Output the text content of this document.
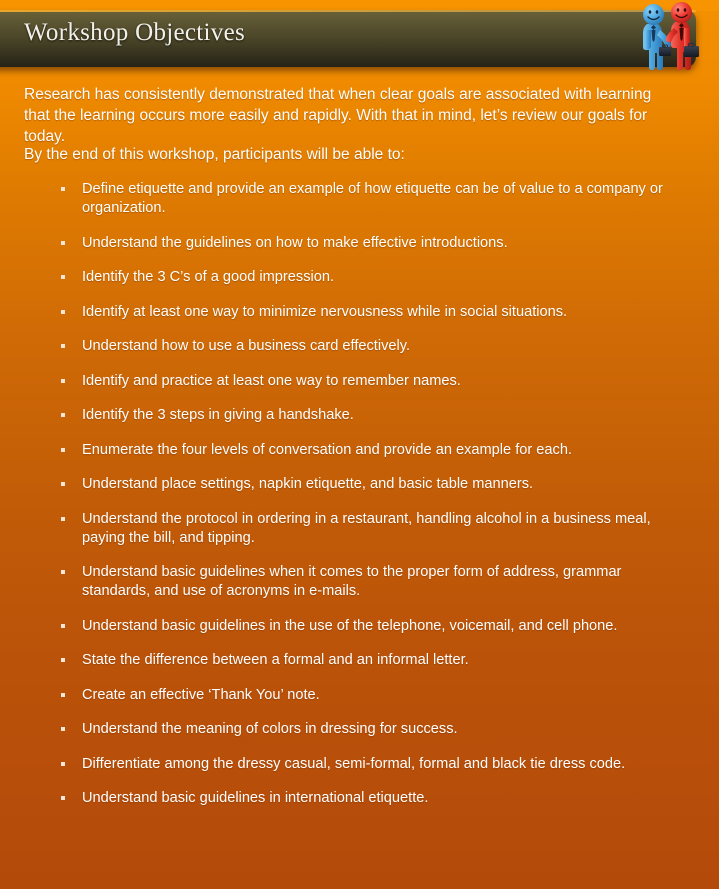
Workshop Objectives
Research has consistently demonstrated that when clear goals are associated with learning that the learning occurs more easily and rapidly. With that in mind, let’s review our goals for today.
By the end of this workshop, participants will be able to:
Define etiquette and provide an example of how etiquette can be of value to a company or organization.
Understand the guidelines on how to make effective introductions.
Identify the 3 C’s of a good impression.
Identify at least one way to minimize nervousness while in social situations.
Understand how to use a business card effectively.
Identify and practice at least one way to remember names.
Identify the 3 steps in giving a handshake.
Enumerate the four levels of conversation and provide an example for each.
Understand place settings, napkin etiquette, and basic table manners.
Understand the protocol in ordering in a restaurant, handling alcohol in a business meal, paying the bill, and tipping.
Understand basic guidelines when it comes to the proper form of address, grammar standards, and use of acronyms in e-mails.
Understand basic guidelines in the use of the telephone, voicemail, and cell phone.
State the difference between a formal and an informal letter.
Create an effective ‘Thank You’ note.
Understand the meaning of colors in dressing for success.
Differentiate among the dressy casual, semi-formal, formal and black tie dress code.
Understand basic guidelines in international etiquette.
